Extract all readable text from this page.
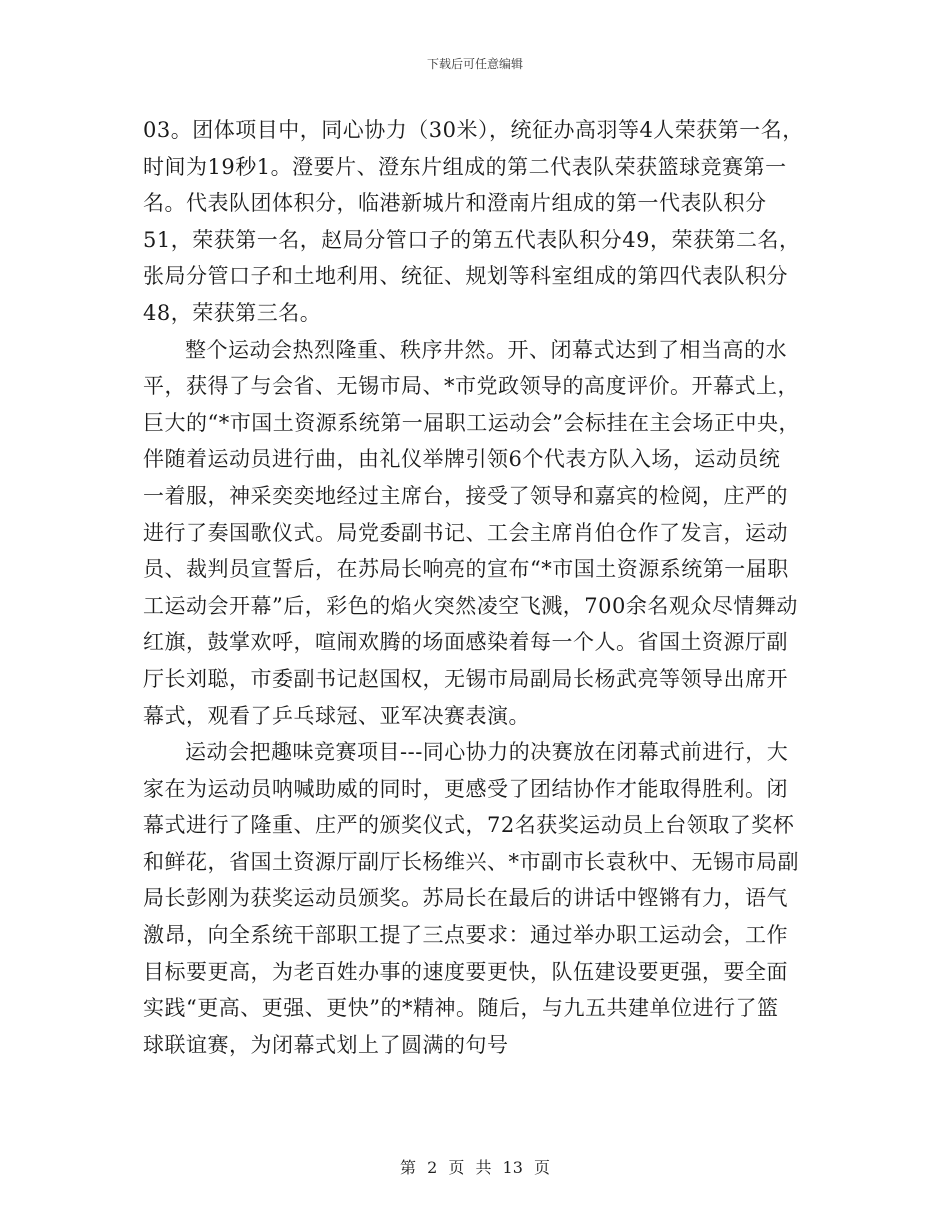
下载后可任意编辑

03。团体项目中，同心协力（30米），统征办高羽等4人荣获第一名，
时间为19秒1。澄要片、澄东片组成的第二代表队荣获篮球竞赛第一
名。代表队团体积分，临港新城片和澄南片组成的第一代表队积分
51，荣获第一名，赵局分管口子的第五代表队积分49，荣获第二名，
张局分管口子和土地利用、统征、规划等科室组成的第四代表队积分
48，荣获第三名。

整个运动会热烈隆重、秩序井然。开、闭幕式达到了相当高的水
平，获得了与会省、无锡市局、*市党政领导的高度评价。开幕式上，
巨大的“*市国土资源系统第一届职工运动会”会标挂在主会场正中央，
伴随着运动员进行曲，由礼仪举牌引领6个代表方队入场，运动员统
一着服，神采奕奕地经过主席台，接受了领导和嘉宾的检阅，庄严的
进行了奏国歌仪式。局党委副书记、工会主席肖伯仓作了发言，运动
员、裁判员宣誓后，在苏局长响亮的宣布“*市国土资源系统第一届职
工运动会开幕”后，彩色的焰火突然凌空飞溅，700余名观众尽情舞动
红旗，鼓掌欢呼，喧闹欢腾的场面感染着每一个人。省国土资源厅副
厅长刘聪，市委副书记赵国权，无锡市局副局长杨武亮等领导出席开
幕式，观看了乒乓球冠、亚军决赛表演。

运动会把趣味竞赛项目---同心协力的决赛放在闭幕式前进行，大
家在为运动员呐喊助威的同时，更感受了团结协作才能取得胜利。闭
幕式进行了隆重、庄严的颁奖仪式，72名获奖运动员上台领取了奖杯
和鲜花，省国土资源厅副厅长杨维兴、*市副市长袁秋中、无锡市局副
局长彭刚为获奖运动员颁奖。苏局长在最后的讲话中铿锵有力，语气
激昂，向全系统干部职工提了三点要求：通过举办职工运动会，工作
目标要更高，为老百姓办事的速度要更快，队伍建设要更强，要全面
实践“更高、更强、更快”的*精神。随后，与九五共建单位进行了篮
球联谊赛，为闭幕式划上了圆满的句号

第 2 页 共 13 页
